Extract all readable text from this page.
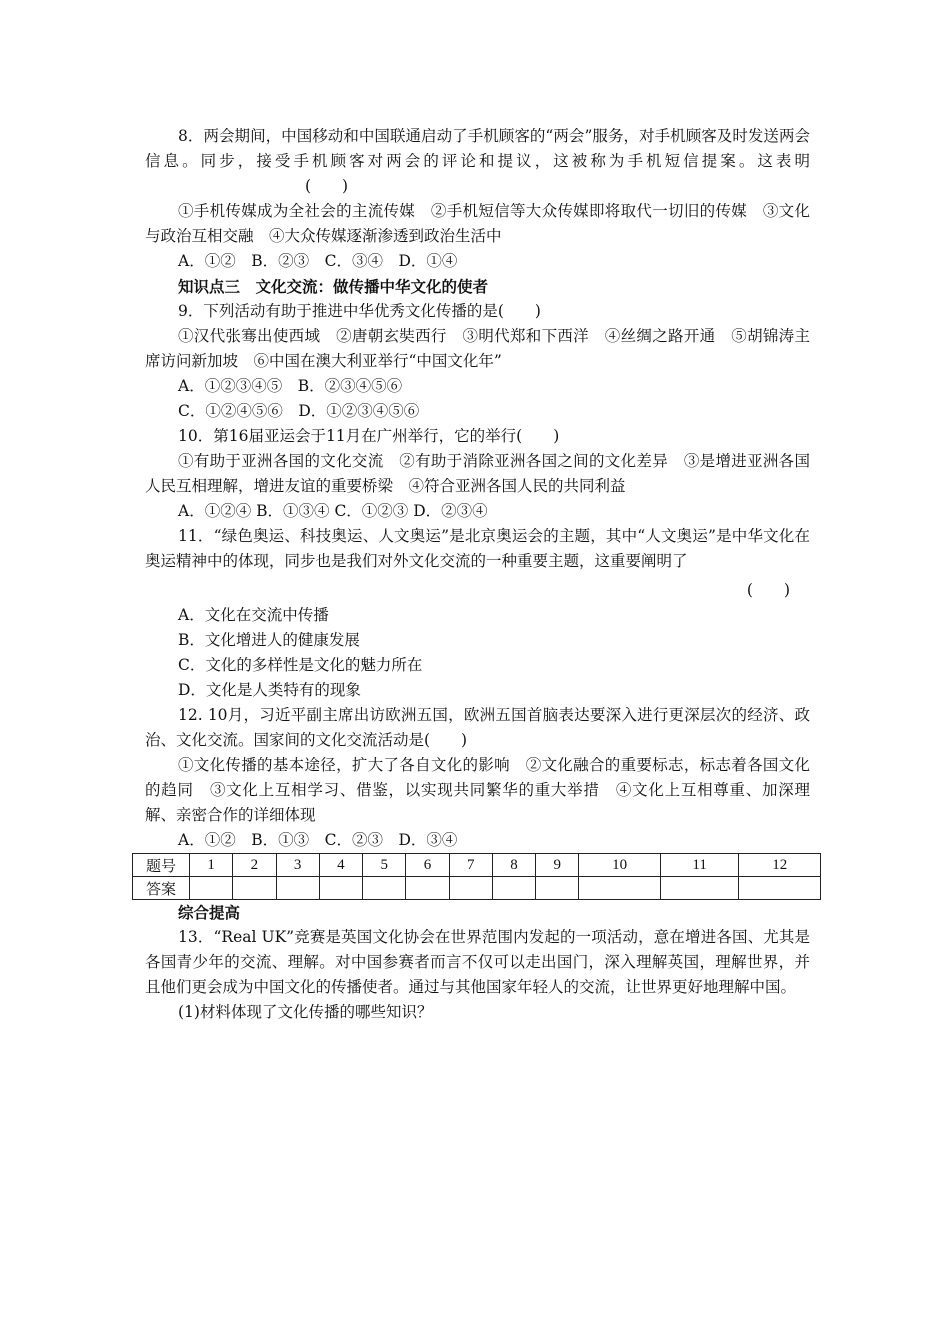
8．两会期间，中国移动和中国联通启动了手机顾客的“两会”服务，对手机顾客及时发送两会信息。同步，接受手机顾客对两会的评论和提议，这被称为手机短信提案。这表明(　　)

①手机传媒成为全社会的主流传媒　②手机短信等大众传媒即将取代一切旧的传媒　③文化与政治互相交融　④大众传媒逐渐渗透到政治生活中

A．①②　B．②③　C．③④　D．①④

知识点三　文化交流：做传播中华文化的使者

9．下列活动有助于推进中华优秀文化传播的是(　　)

①汉代张骞出使西域　②唐朝玄奘西行　③明代郑和下西洋　④丝绸之路开通　⑤胡锦涛主席访问新加坡　⑥中国在澳大利亚举行“中国文化年”

A．①②③④⑤　B．②③④⑤⑥

C．①②④⑤⑥　D．①②③④⑤⑥

10．第16届亚运会于11月在广州举行，它的举行(　　)

①有助于亚洲各国的文化交流　②有助于消除亚洲各国之间的文化差异　③是增进亚洲各国人民互相理解，增进友谊的重要桥梁　④符合亚洲各国人民的共同利益

A．①②④ B．①③④ C．①②③ D．②③④

11．“绿色奥运、科技奥运、人文奥运”是北京奥运会的主题，其中“人文奥运”是中华文化在奥运精神中的体现，同步也是我们对外文化交流的一种重要主题，这重要阐明了

(　　)

A．文化在交流中传播

B．文化增进人的健康发展

C．文化的多样性是文化的魅力所在

D．文化是人类特有的现象

12. 10月，习近平副主席出访欧洲五国，欧洲五国首脑表达要深入进行更深层次的经济、政治、文化交流。国家间的文化交流活动是(　　)

①文化传播的基本途径，扩大了各自文化的影响　②文化融合的重要标志，标志着各国文化的趋同　③文化上互相学习、借鉴，以实现共同繁华的重大举措　④文化上互相尊重、加深理解、亲密合作的详细体现

A．①②　B．①③　C．②③　D．③④

题号	1	2	3	4	5	6	7	8	9	10	11	12
答案												

综合提高

13．“Real UK”竞赛是英国文化协会在世界范围内发起的一项活动，意在增进各国、尤其是各国青少年的交流、理解。对中国参赛者而言不仅可以走出国门，深入理解英国，理解世界，并且他们更会成为中国文化的传播使者。通过与其他国家年轻人的交流，让世界更好地理解中国。

(1)材料体现了文化传播的哪些知识？
